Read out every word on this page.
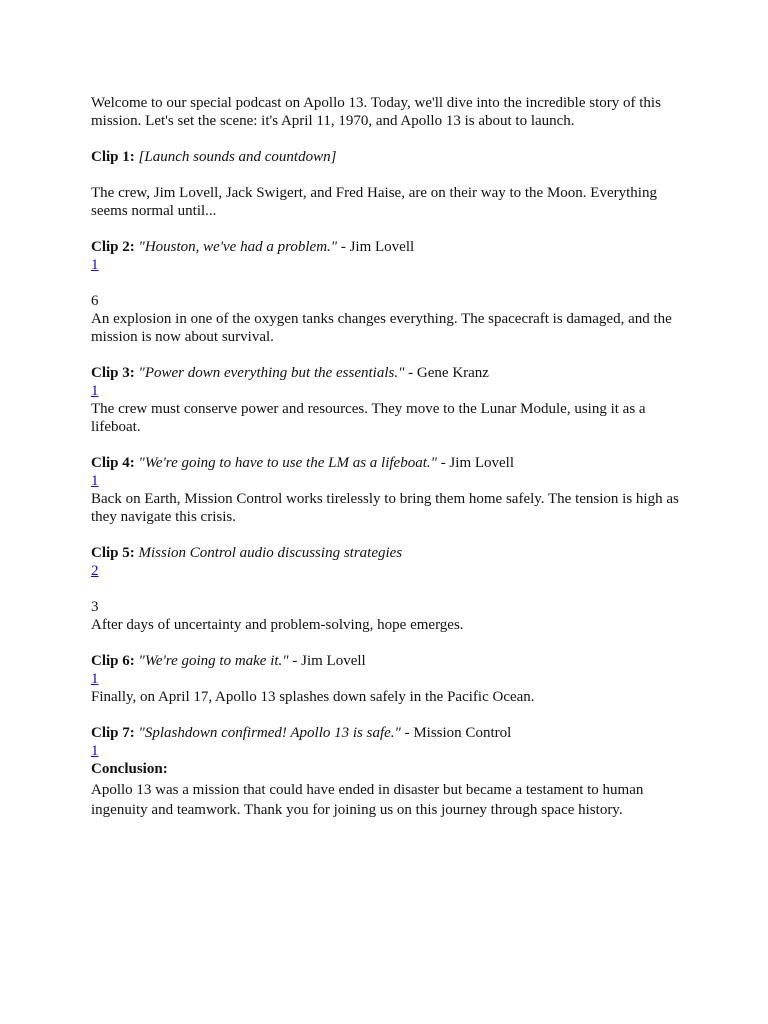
Welcome to our special podcast on Apollo 13. Today, we'll dive into the incredible story of this mission. Let's set the scene: it's April 11, 1970, and Apollo 13 is about to launch.

Clip 1: [Launch sounds and countdown]

The crew, Jim Lovell, Jack Swigert, and Fred Haise, are on their way to the Moon. Everything seems normal until...

Clip 2: "Houston, we've had a problem." - Jim Lovell

1

6

An explosion in one of the oxygen tanks changes everything. The spacecraft is damaged, and the mission is now about survival.

Clip 3: "Power down everything but the essentials." - Gene Kranz

1

The crew must conserve power and resources. They move to the Lunar Module, using it as a lifeboat.

Clip 4: "We're going to have to use the LM as a lifeboat." - Jim Lovell

1

Back on Earth, Mission Control works tirelessly to bring them home safely. The tension is high as they navigate this crisis.

Clip 5: Mission Control audio discussing strategies

2

3

After days of uncertainty and problem-solving, hope emerges.

Clip 6: "We're going to make it." - Jim Lovell

1

Finally, on April 17, Apollo 13 splashes down safely in the Pacific Ocean.

Clip 7: "Splashdown confirmed! Apollo 13 is safe." - Mission Control

1

Conclusion:

Apollo 13 was a mission that could have ended in disaster but became a testament to human ingenuity and teamwork. Thank you for joining us on this journey through space history.
